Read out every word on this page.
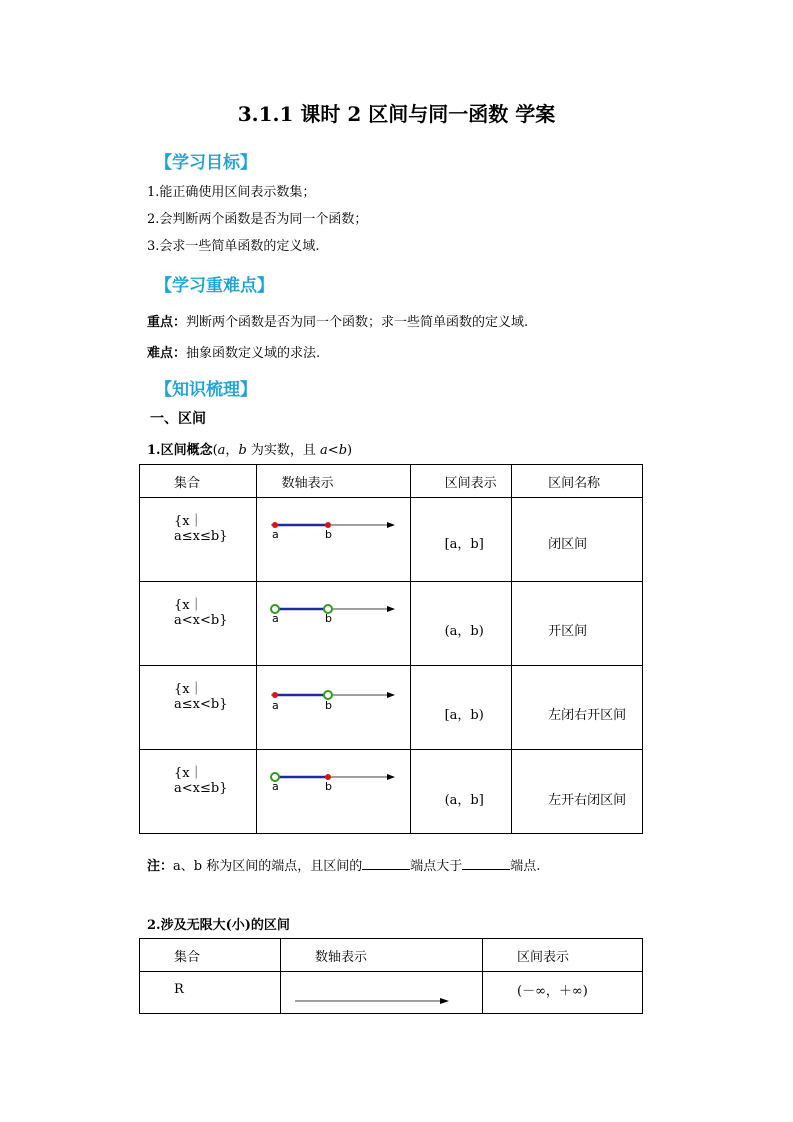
3.1.1 课时 2 区间与同一函数 学案
【学习目标】
1.能正确使用区间表示数集；
2.会判断两个函数是否为同一个函数；
3.会求一些简单函数的定义域.
【学习重难点】
重点：判断两个函数是否为同一个函数；求一些简单函数的定义域.
难点：抽象函数定义域的求法.
【知识梳理】
一、区间
1.区间概念(a，b 为实数，且 a<b)
集合	数轴表示	区间表示	区间名称
{x｜a≤x≤b}	a b	[a，b]	闭区间
{x｜a<x<b}	a b	(a，b)	开区间
{x｜a≤x<b}	a b	[a，b)	左闭右开区间
{x｜a<x≤b}	a b	(a，b]	左开右闭区间
注：a、b 称为区间的端点，且区间的	端点大于	端点.
2.涉及无限大(小)的区间
集合	数轴表示	区间表示
R		(－∞，＋∞)
